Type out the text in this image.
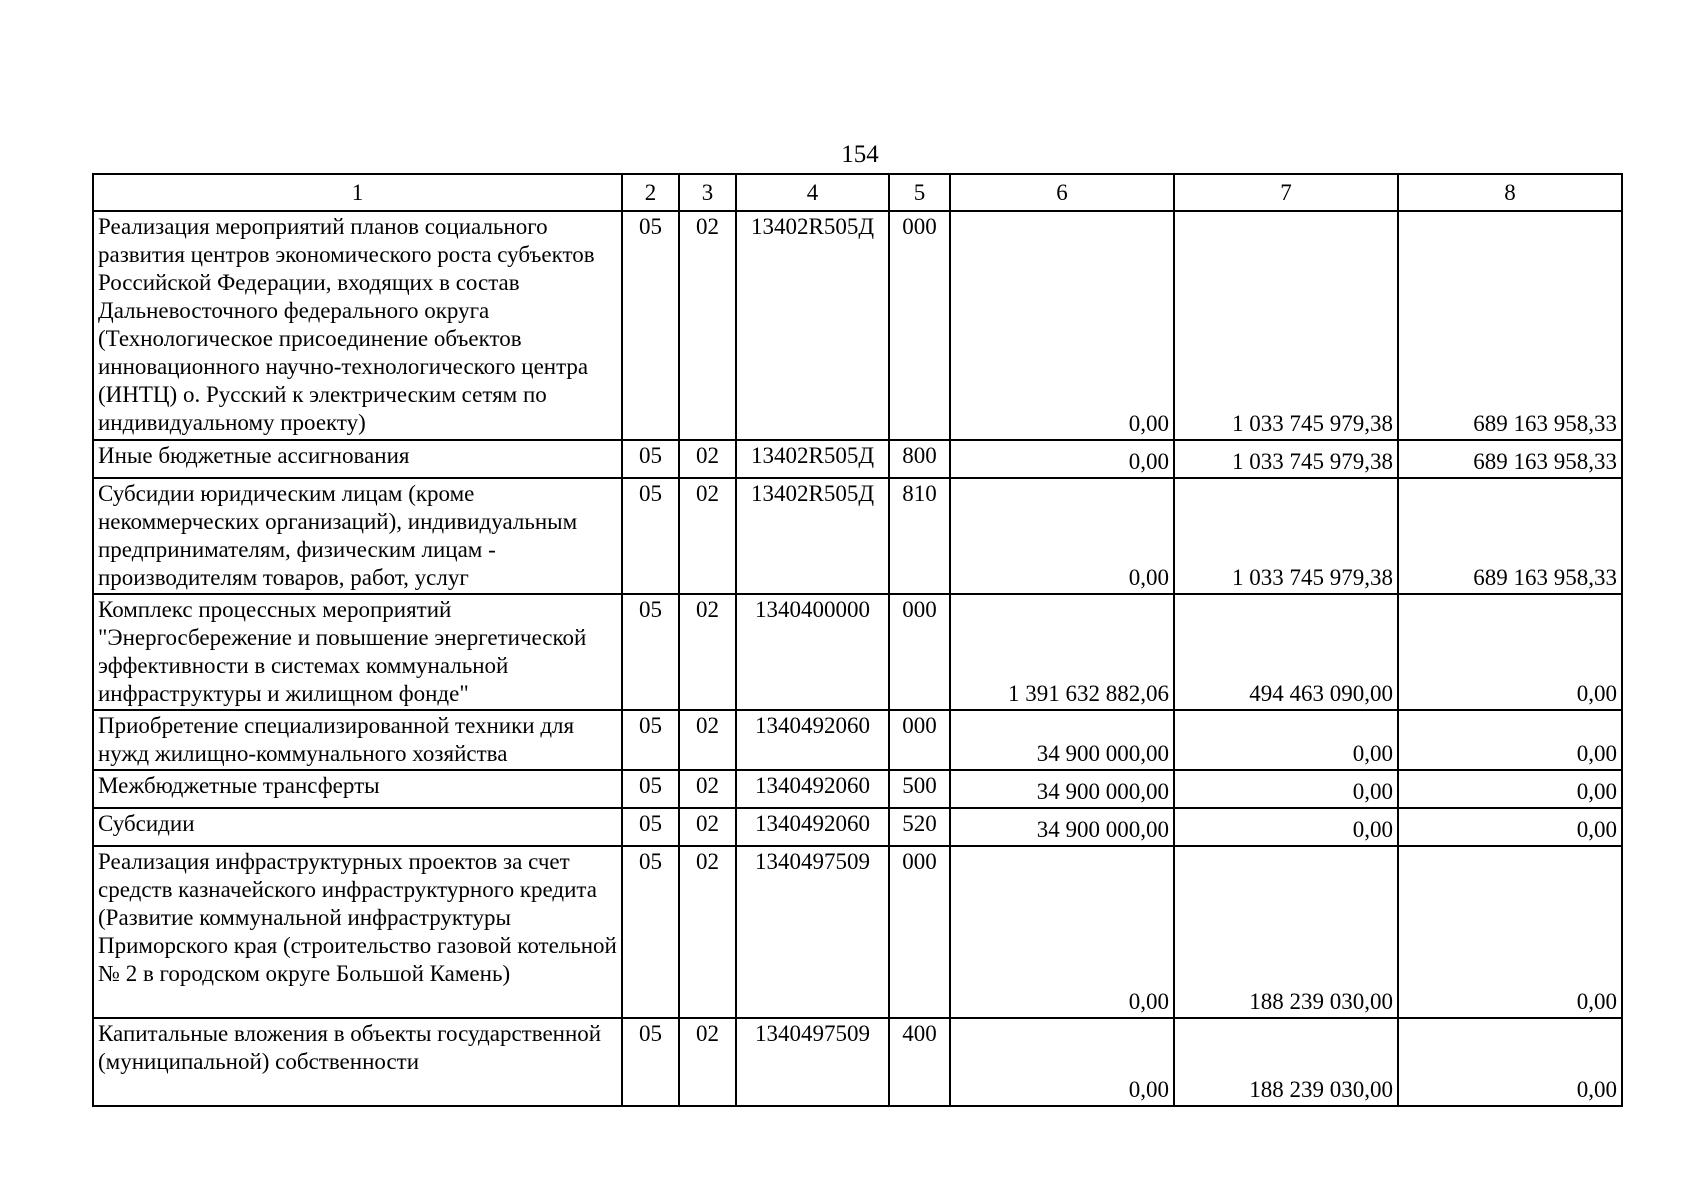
154
1	2	3	4	5	6	7	8
Реализация мероприятий планов социального развития центров экономического роста субъектов Российской Федерации, входящих в состав Дальневосточного федерального округа (Технологическое присоединение объектов инновационного научно-технологического центра (ИНТЦ) о. Русский к электрическим сетям по индивидуальному проекту)	05	02	13402R505Д	000	0,00	1 033 745 979,38	689 163 958,33
Иные бюджетные ассигнования	05	02	13402R505Д	800	0,00	1 033 745 979,38	689 163 958,33
Субсидии юридическим лицам (кроме некоммерческих организаций), индивидуальным предпринимателям, физическим лицам - производителям товаров, работ, услуг	05	02	13402R505Д	810	0,00	1 033 745 979,38	689 163 958,33
Комплекс процессных мероприятий "Энергосбережение и повышение энергетической эффективности в системах коммунальной инфраструктуры и жилищном фонде"	05	02	1340400000	000	1 391 632 882,06	494 463 090,00	0,00
Приобретение специализированной техники для нужд жилищно-коммунального хозяйства	05	02	1340492060	000	34 900 000,00	0,00	0,00
Межбюджетные трансферты	05	02	1340492060	500	34 900 000,00	0,00	0,00
Субсидии	05	02	1340492060	520	34 900 000,00	0,00	0,00
Реализация инфраструктурных проектов за счет средств казначейского инфраструктурного кредита (Развитие коммунальной инфраструктуры Приморского края (строительство газовой котельной № 2 в городском округе Большой Камень)	05	02	1340497509	000	0,00	188 239 030,00	0,00
Капитальные вложения в объекты государственной (муниципальной) собственности	05	02	1340497509	400	0,00	188 239 030,00	0,00
